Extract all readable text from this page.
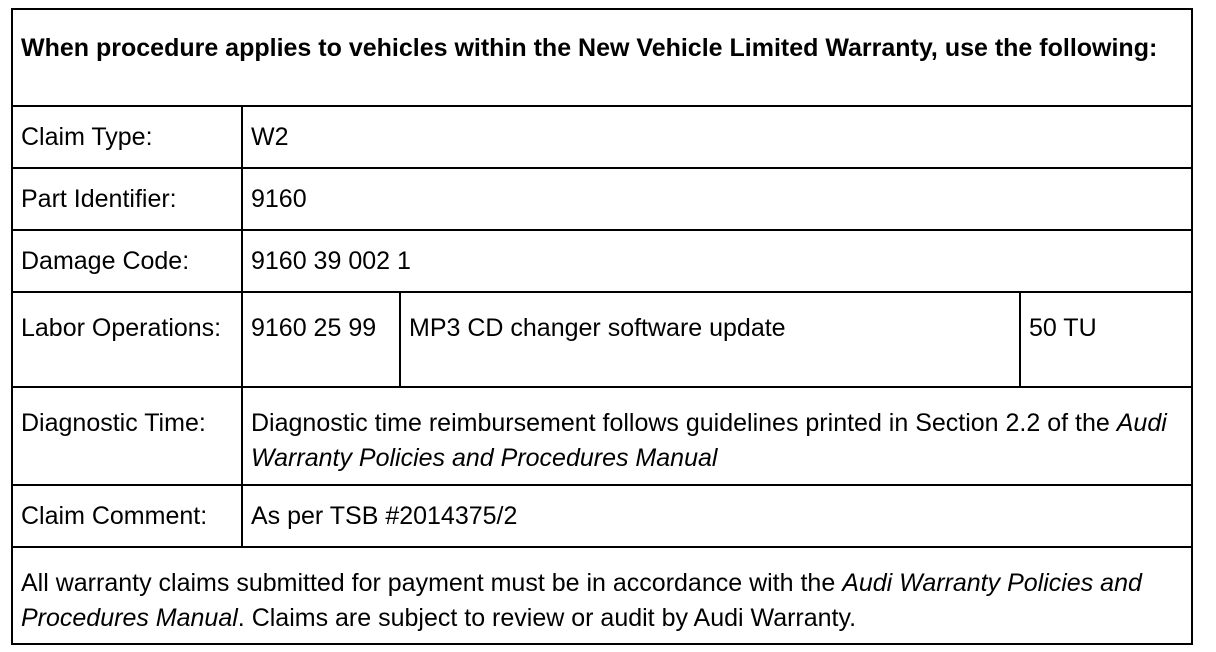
When procedure applies to vehicles within the New Vehicle Limited Warranty, use the following:			
Claim Type:	W2		
Part Identifier:	9160		
Damage Code:	9160 39 002 1		
Labor Operations:	9160 25 99	MP3 CD changer software update	50 TU
Diagnostic Time:	Diagnostic time reimbursement follows guidelines printed in Section 2.2 of the Audi Warranty Policies and Procedures Manual		
Claim Comment:	As per TSB #2014375/2		
All warranty claims submitted for payment must be in accordance with the Audi Warranty Policies and Procedures Manual. Claims are subject to review or audit by Audi Warranty.			
